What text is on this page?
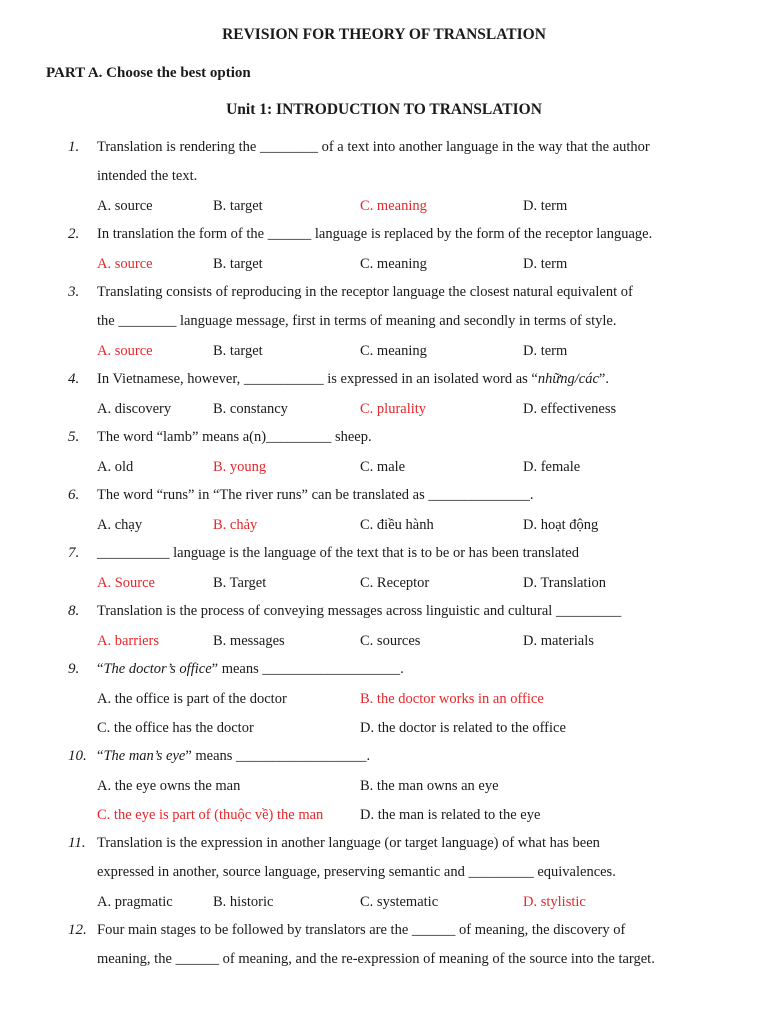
REVISION FOR THEORY OF TRANSLATION
PART A. Choose the best option
Unit 1: INTRODUCTION TO TRANSLATION
1. Translation is rendering the ________ of a text into another language in the way that the author
intended the text.
A. source	B. target	C. meaning	D. term
2. In translation the form of the ______ language is replaced by the form of the receptor language.
A. source	B. target	C. meaning	D. term
3. Translating consists of reproducing in the receptor language the closest natural equivalent of
the ________ language message, first in terms of meaning and secondly in terms of style.
A. source	B. target	C. meaning	D. term
4. In Vietnamese, however, ___________ is expressed in an isolated word as “những/các”.
A. discovery	B. constancy	C. plurality	D. effectiveness
5. The word “lamb” means a(n)_________ sheep.
A. old	B. young	C. male	D. female
6. The word “runs” in “The river runs” can be translated as ______________.
A. chạy	B. chảy	C. điều hành	D. hoạt động
7. __________ language is the language of the text that is to be or has been translated
A. Source	B. Target	C. Receptor	D. Translation
8. Translation is the process of conveying messages across linguistic and cultural _________
A. barriers	B. messages	C. sources	D. materials
9. “The doctor’s office” means ___________________.
A. the office is part of the doctor	B. the doctor works in an office
C. the office has the doctor	D. the doctor is related to the office
10. “The man’s eye” means __________________.
A. the eye owns the man	B. the man owns an eye
C. the eye is part of (thuộc về) the man	D. the man is related to the eye
11. Translation is the expression in another language (or target language) of what has been
expressed in another, source language, preserving semantic and _________ equivalences.
A. pragmatic	B. historic	C. systematic	D. stylistic
12. Four main stages to be followed by translators are the ______ of meaning, the discovery of
meaning, the ______ of meaning, and the re-expression of meaning of the source into the target.
